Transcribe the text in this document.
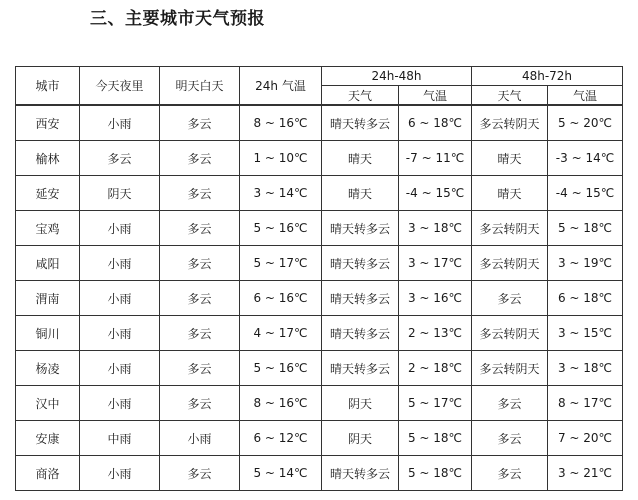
三、主要城市天气预报
城市	今天夜里	明天白天	24h 气温	24h-48h		48h-72h	
				天气	气温	天气	气温
西安	小雨	多云	8 ~ 16℃	晴天转多云	6 ~ 18℃	多云转阴天	5 ~ 20℃
榆林	多云	多云	1 ~ 10℃	晴天	-7 ~ 11℃	晴天	-3 ~ 14℃
延安	阴天	多云	3 ~ 14℃	晴天	-4 ~ 15℃	晴天	-4 ~ 15℃
宝鸡	小雨	多云	5 ~ 16℃	晴天转多云	3 ~ 18℃	多云转阴天	5 ~ 18℃
咸阳	小雨	多云	5 ~ 17℃	晴天转多云	3 ~ 17℃	多云转阴天	3 ~ 19℃
渭南	小雨	多云	6 ~ 16℃	晴天转多云	3 ~ 16℃	多云	6 ~ 18℃
铜川	小雨	多云	4 ~ 17℃	晴天转多云	2 ~ 13℃	多云转阴天	3 ~ 15℃
杨凌	小雨	多云	5 ~ 16℃	晴天转多云	2 ~ 18℃	多云转阴天	3 ~ 18℃
汉中	小雨	多云	8 ~ 16℃	阴天	5 ~ 17℃	多云	8 ~ 17℃
安康	中雨	小雨	6 ~ 12℃	阴天	5 ~ 18℃	多云	7 ~ 20℃
商洛	小雨	多云	5 ~ 14℃	晴天转多云	5 ~ 18℃	多云	3 ~ 21℃
